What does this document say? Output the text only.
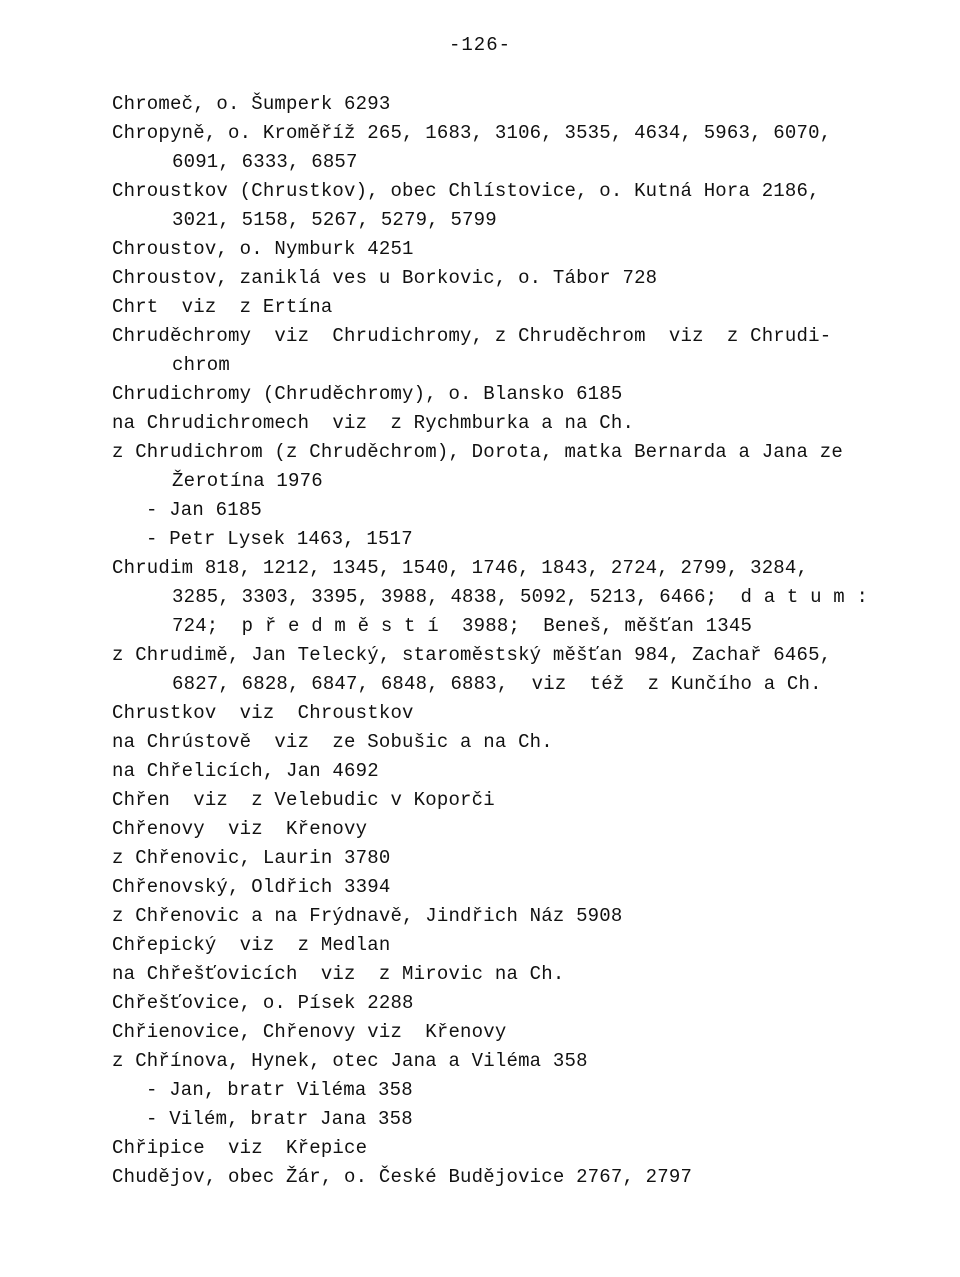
-126-
Chromeč, o. Šumperk 6293
Chropyně, o. Kroměříž 265, 1683, 3106, 3535, 4634, 5963, 6070,
6091, 6333, 6857
Chroustkov (Chrustkov), obec Chlístovice, o. Kutná Hora 2186,
3021, 5158, 5267, 5279, 5799
Chroustov, o. Nymburk 4251
Chroustov, zaniklá ves u Borkovic, o. Tábor 728
Chrt  viz  z Ertína
Chruděchromy  viz  Chrudichromy, z Chruděchrom  viz  z Chrudi-
chrom
Chrudichromy (Chruděchromy), o. Blansko 6185
na Chrudichromech  viz  z Rychmburka a na Ch.
z Chrudichrom (z Chruděchrom), Dorota, matka Bernarda a Jana ze
Žerotína 1976
- Jan 6185
- Petr Lysek 1463, 1517
Chrudim 818, 1212, 1345, 1540, 1746, 1843, 2724, 2799, 3284,
3285, 3303, 3395, 3988, 4838, 5092, 5213, 6466;  d a t u m :
724;  p ř e d m ě s t í  3988;  Beneš, měšťan 1345
z Chrudimě, Jan Telecký, staroměstský měšťan 984, Zachař 6465,
6827, 6828, 6847, 6848, 6883,  viz  též  z Kunčího a Ch.
Chrustkov  viz  Chroustkov
na Chrústově  viz  ze Sobušic a na Ch.
na Chřelicích, Jan 4692
Chřen  viz  z Velebudic v Koporči
Chřenovy  viz  Křenovy
z Chřenovic, Laurin 3780
Chřenovský, Oldřich 3394
z Chřenovic a na Frýdnavě, Jindřich Náz 5908
Chřepický  viz  z Medlan
na Chřešťovicích  viz  z Mirovic na Ch.
Chřešťovice, o. Písek 2288
Chřienovice, Chřenovy viz  Křenovy
z Chřínova, Hynek, otec Jana a Viléma 358
- Jan, bratr Viléma 358
- Vilém, bratr Jana 358
Chřipice  viz  Křepice
Chudějov, obec Žár, o. České Budějovice 2767, 2797
